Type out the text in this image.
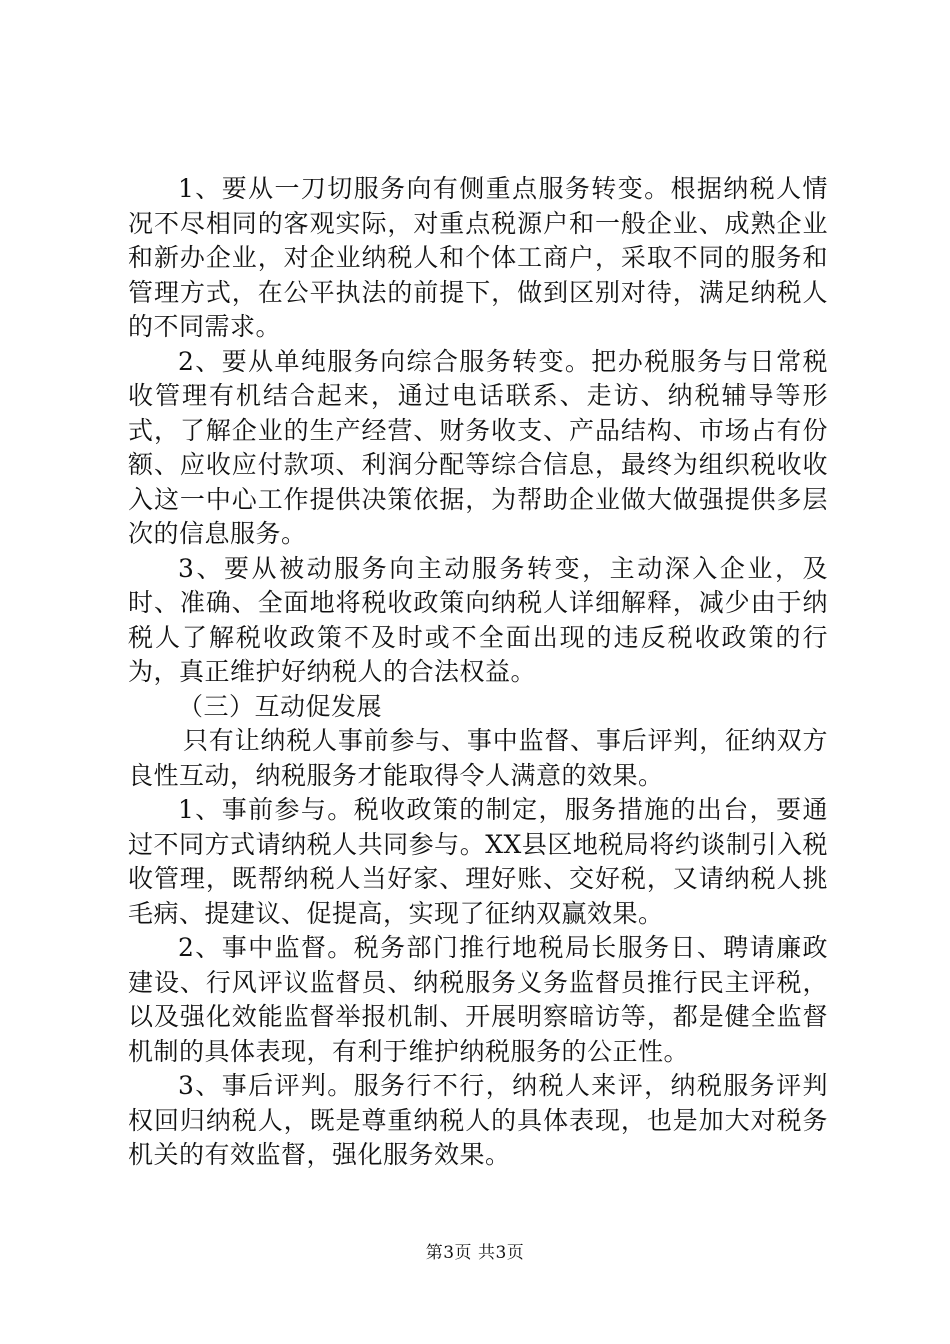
1、要从一刀切服务向有侧重点服务转变。根据纳税人情况不尽相同的客观实际，对重点税源户和一般企业、成熟企业和新办企业，对企业纳税人和个体工商户，采取不同的服务和管理方式，在公平执法的前提下，做到区别对待，满足纳税人的不同需求。

2、要从单纯服务向综合服务转变。把办税服务与日常税收管理有机结合起来，通过电话联系、走访、纳税辅导等形式，了解企业的生产经营、财务收支、产品结构、市场占有份额、应收应付款项、利润分配等综合信息，最终为组织税收收入这一中心工作提供决策依据，为帮助企业做大做强提供多层次的信息服务。

3、要从被动服务向主动服务转变，主动深入企业，及时、准确、全面地将税收政策向纳税人详细解释，减少由于纳税人了解税收政策不及时或不全面出现的违反税收政策的行为，真正维护好纳税人的合法权益。

（三）互动促发展

只有让纳税人事前参与、事中监督、事后评判，征纳双方良性互动，纳税服务才能取得令人满意的效果。

1、事前参与。税收政策的制定，服务措施的出台，要通过不同方式请纳税人共同参与。XX县区地税局将约谈制引入税收管理，既帮纳税人当好家、理好账、交好税，又请纳税人挑毛病、提建议、促提高，实现了征纳双赢效果。

2、事中监督。税务部门推行地税局长服务日、聘请廉政建设、行风评议监督员、纳税服务义务监督员推行民主评税，以及强化效能监督举报机制、开展明察暗访等，都是健全监督机制的具体表现，有利于维护纳税服务的公正性。

3、事后评判。服务行不行，纳税人来评，纳税服务评判权回归纳税人，既是尊重纳税人的具体表现，也是加大对税务机关的有效监督，强化服务效果。

第3页 共3页
